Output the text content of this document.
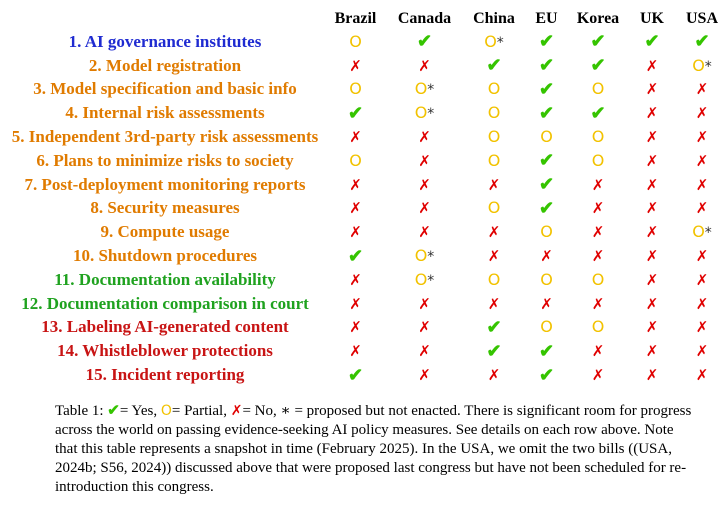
	Brazil	Canada	China	EU	Korea	UK	USA
1. AI governance institutes	O	✔	O*	✔	✔	✔	✔
2. Model registration	✗	✗	✔	✔	✔	✗	O*
3. Model specification and basic info	O	O*	O	✔	O	✗	✗
4. Internal risk assessments	✔	O*	O	✔	✔	✗	✗
5. Independent 3rd-party risk assessments	✗	✗	O	O	O	✗	✗
6. Plans to minimize risks to society	O	✗	O	✔	O	✗	✗
7. Post-deployment monitoring reports	✗	✗	✗	✔	✗	✗	✗
8. Security measures	✗	✗	O	✔	✗	✗	✗
9. Compute usage	✗	✗	✗	O	✗	✗	O*
10. Shutdown procedures	✔	O*	✗	✗	✗	✗	✗
11. Documentation availability	✗	O*	O	O	O	✗	✗
12. Documentation comparison in court	✗	✗	✗	✗	✗	✗	✗
13. Labeling AI-generated content	✗	✗	✔	O	O	✗	✗
14. Whistleblower protections	✗	✗	✔	✔	✗	✗	✗
15. Incident reporting	✔	✗	✗	✔	✗	✗	✗
Table 1: ✔= Yes, O= Partial, ✗= No, ∗ = proposed but not enacted. There is significant room for progress across the world on passing evidence-seeking AI policy measures. See details on each row above. Note that this table represents a snapshot in time (February 2025). In the USA, we omit the two bills ((USA, 2024b; S56, 2024)) discussed above that were proposed last congress but have not been scheduled for re-introduction this congress.
